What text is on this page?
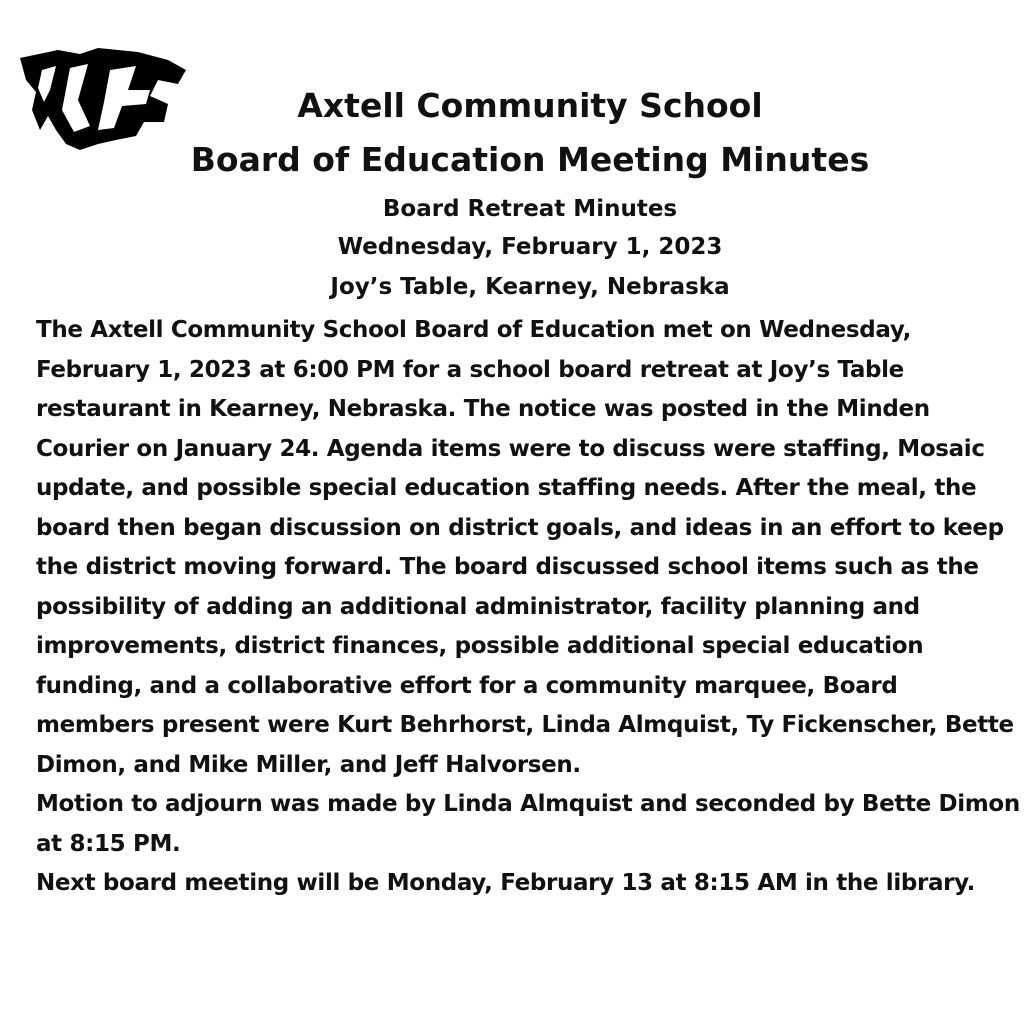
Axtell Community School
Board of Education Meeting Minutes
Board Retreat Minutes
Wednesday, February 1, 2023
Joy’s Table, Kearney, Nebraska

The Axtell Community School Board of Education met on Wednesday, February 1, 2023 at 6:00 PM for a school board retreat at Joy’s Table restaurant in Kearney, Nebraska. The notice was posted in the Minden Courier on January 24. Agenda items were to discuss were staffing, Mosaic update, and possible special education staffing needs. After the meal, the board then began discussion on district goals, and ideas in an effort to keep the district moving forward. The board discussed school items such as the possibility of adding an additional administrator, facility planning and improvements, district finances, possible additional special education funding, and a collaborative effort for a community marquee, Board members present were Kurt Behrhorst, Linda Almquist, Ty Fickenscher, Bette Dimon, and Mike Miller, and Jeff Halvorsen.

Motion to adjourn was made by Linda Almquist and seconded by Bette Dimon at 8:15 PM.

Next board meeting will be Monday, February 13 at 8:15 AM in the library.
